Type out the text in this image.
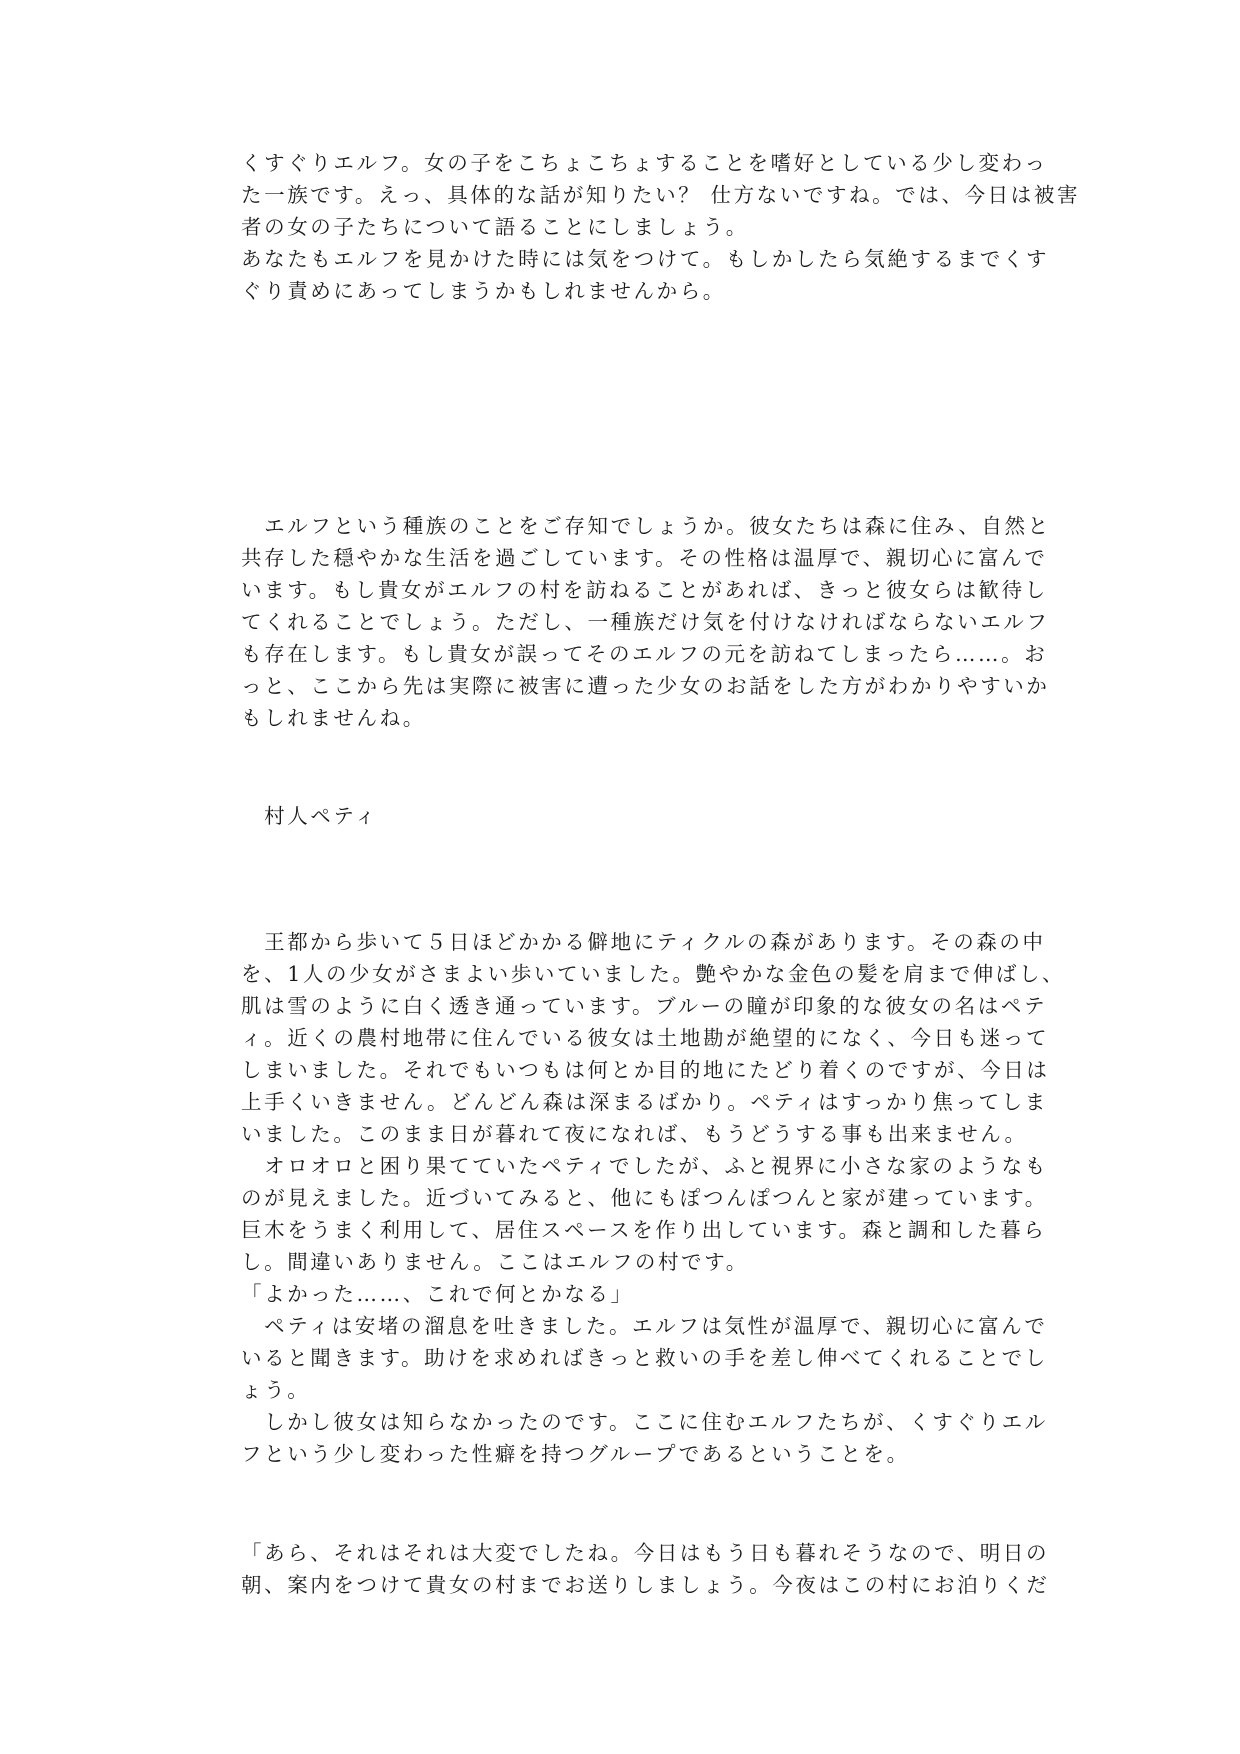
くすぐりエルフ。女の子をこちょこちょすることを嗜好としている少し変わっ
た一族です。えっ、具体的な話が知りたい？ 仕方ないですね。では、今日は被害
者の女の子たちについて語ることにしましょう。
あなたもエルフを見かけた時には気をつけて。もしかしたら気絶するまでくす
ぐり責めにあってしまうかもしれませんから。
　エルフという種族のことをご存知でしょうか。彼女たちは森に住み、自然と
共存した穏やかな生活を過ごしています。その性格は温厚で、親切心に富んで
います。もし貴女がエルフの村を訪ねることがあれば、きっと彼女らは歓待し
てくれることでしょう。ただし、一種族だけ気を付けなければならないエルフ
も存在します。もし貴女が誤ってそのエルフの元を訪ねてしまったら……。お
っと、ここから先は実際に被害に遭った少女のお話をした方がわかりやすいか
もしれませんね。
　村人ペティ
　王都から歩いて５日ほどかかる僻地にティクルの森があります。その森の中
を、1人の少女がさまよい歩いていました。艶やかな金色の髪を肩まで伸ばし、
肌は雪のように白く透き通っています。ブルーの瞳が印象的な彼女の名はペテ
ィ。近くの農村地帯に住んでいる彼女は土地勘が絶望的になく、今日も迷って
しまいました。それでもいつもは何とか目的地にたどり着くのですが、今日は
上手くいきません。どんどん森は深まるばかり。ペティはすっかり焦ってしま
いました。このまま日が暮れて夜になれば、もうどうする事も出来ません。
　オロオロと困り果てていたペティでしたが、ふと視界に小さな家のようなも
のが見えました。近づいてみると、他にもぽつんぽつんと家が建っています。
巨木をうまく利用して、居住スペースを作り出しています。森と調和した暮ら
し。間違いありません。ここはエルフの村です。
「よかった……、これで何とかなる」
　ペティは安堵の溜息を吐きました。エルフは気性が温厚で、親切心に富んで
いると聞きます。助けを求めればきっと救いの手を差し伸べてくれることでし
ょう。
　しかし彼女は知らなかったのです。ここに住むエルフたちが、くすぐりエル
フという少し変わった性癖を持つグループであるということを。
「あら、それはそれは大変でしたね。今日はもう日も暮れそうなので、明日の
朝、案内をつけて貴女の村までお送りしましょう。今夜はこの村にお泊りくだ
